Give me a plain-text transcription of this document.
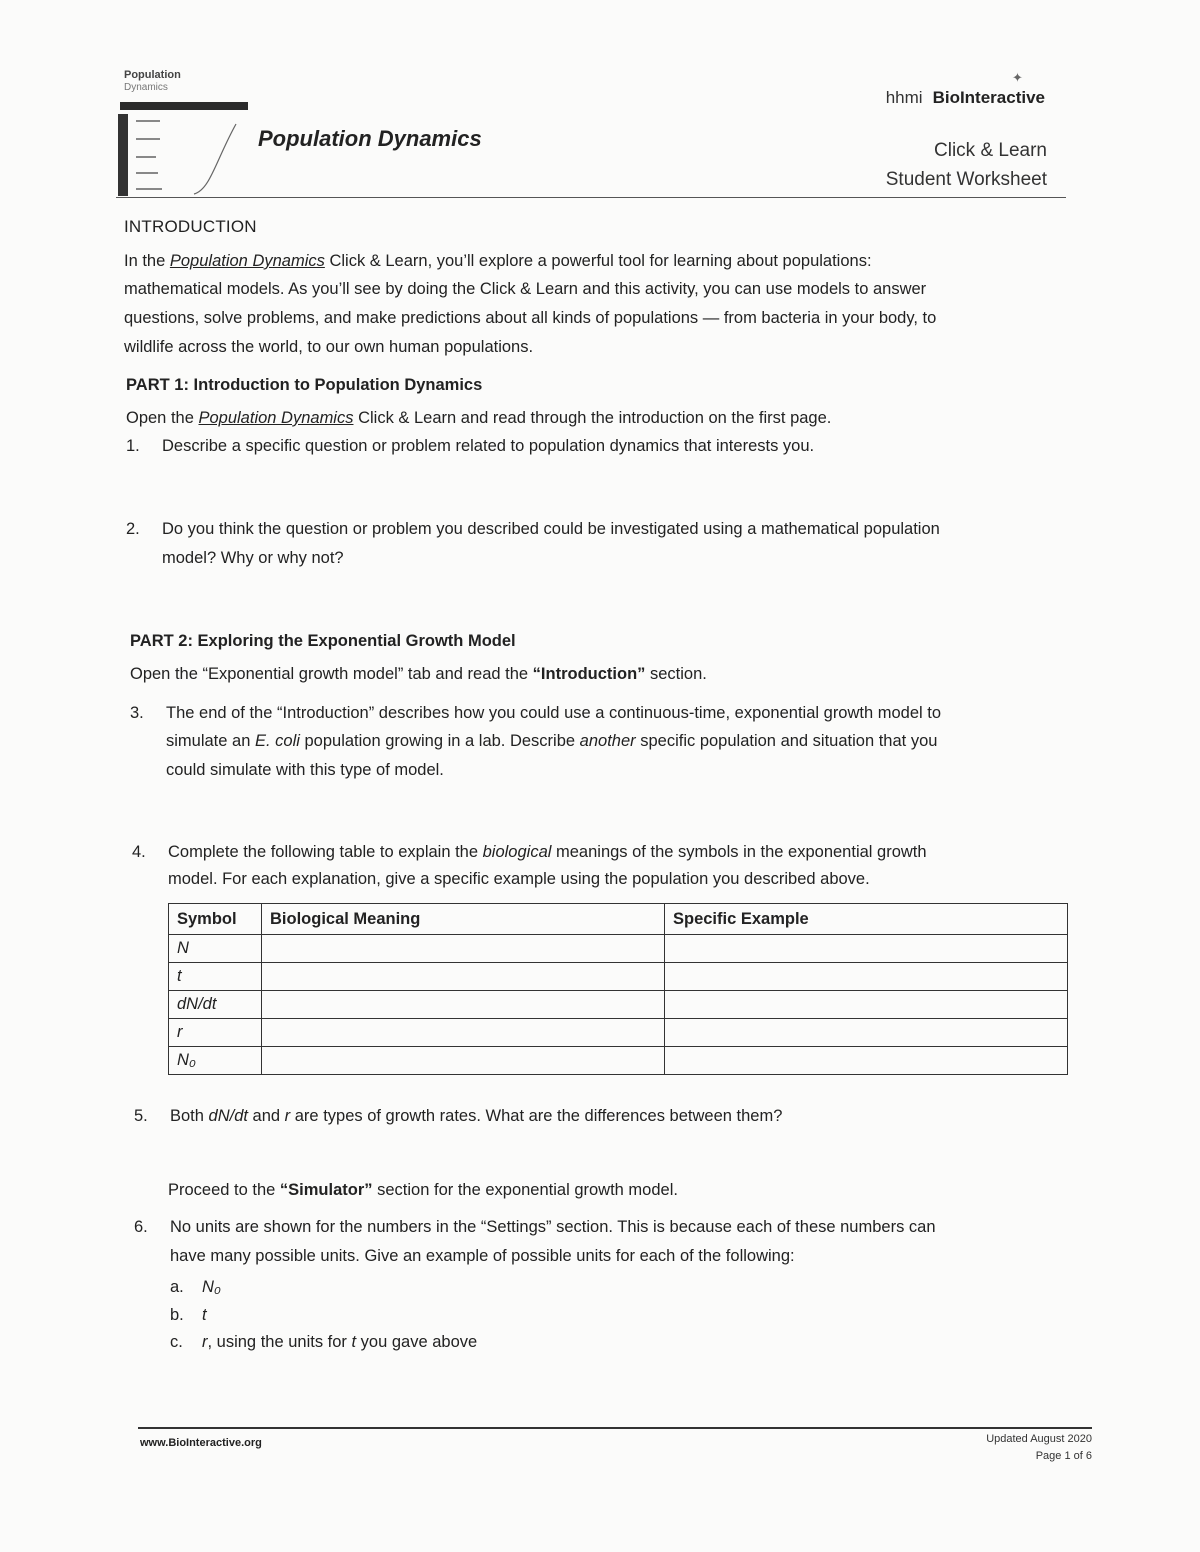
Population
Dynamics
Population Dynamics
✦
hhmi BioInteractive
Click & Learn
Student Worksheet
INTRODUCTION
In the Population Dynamics Click & Learn, you’ll explore a powerful tool for learning about populations:
mathematical models. As you’ll see by doing the Click & Learn and this activity, you can use models to answer
questions, solve problems, and make predictions about all kinds of populations — from bacteria in your body, to
wildlife across the world, to our own human populations.
PART 1: Introduction to Population Dynamics
Open the Population Dynamics Click & Learn and read through the introduction on the first page.
1. Describe a specific question or problem related to population dynamics that interests you.
2. Do you think the question or problem you described could be investigated using a mathematical population
model? Why or why not?
PART 2: Exploring the Exponential Growth Model
Open the “Exponential growth model” tab and read the “Introduction” section.
3. The end of the “Introduction” describes how you could use a continuous-time, exponential growth model to
simulate an E. coli population growing in a lab. Describe another specific population and situation that you
could simulate with this type of model.
4. Complete the following table to explain the biological meanings of the symbols in the exponential growth
model. For each explanation, give a specific example using the population you described above.
Symbol	Biological Meaning	Specific Example
N		
t		
dN/dt		
r		
N₀		
5. Both dN/dt and r are types of growth rates. What are the differences between them?
Proceed to the “Simulator” section for the exponential growth model.
6. No units are shown for the numbers in the “Settings” section. This is because each of these numbers can
have many possible units. Give an example of possible units for each of the following:
a. N₀
b. t
c. r, using the units for t you gave above
www.BioInteractive.org	Updated August 2020
Page 1 of 6
